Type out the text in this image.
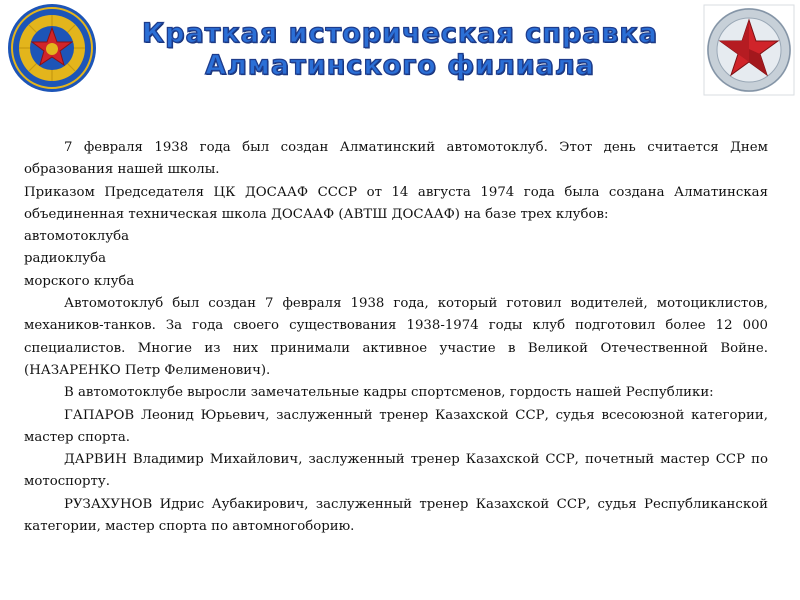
Краткая историческая справка
Алматинского филиала

7 февраля 1938 года был создан Алматинский автомотоклуб. Этот день считается Днем образования нашей школы.

Приказом Председателя ЦК ДОСААФ СССР от 14 августа 1974 года была создана Алматинская объединенная техническая школа ДОСААФ (АВТШ ДОСААФ) на базе трех клубов:

автомотоклуба

радиоклуба

морского клуба

Автомотоклуб был создан 7 февраля 1938 года, который готовил водителей, мотоциклистов, механиков-танков. За года своего существования 1938-1974 годы клуб подготовил более 12 000 специалистов. Многие из них принимали активное участие в Великой Отечественной Войне. (НАЗАРЕНКО Петр Фелименович).

В автомотоклубе выросли замечательные кадры спортсменов, гордость нашей Республики:

ГАПАРОВ Леонид Юрьевич, заслуженный тренер Казахской ССР, судья всесоюзной категории, мастер спорта.

ДАРВИН Владимир Михайлович, заслуженный тренер Казахской ССР, почетный мастер ССР по мотоспорту.

РУЗАХУНОВ Идрис Аубакирович, заслуженный тренер Казахской ССР, судья Республиканской категории, мастер спорта по автомногоборию.
